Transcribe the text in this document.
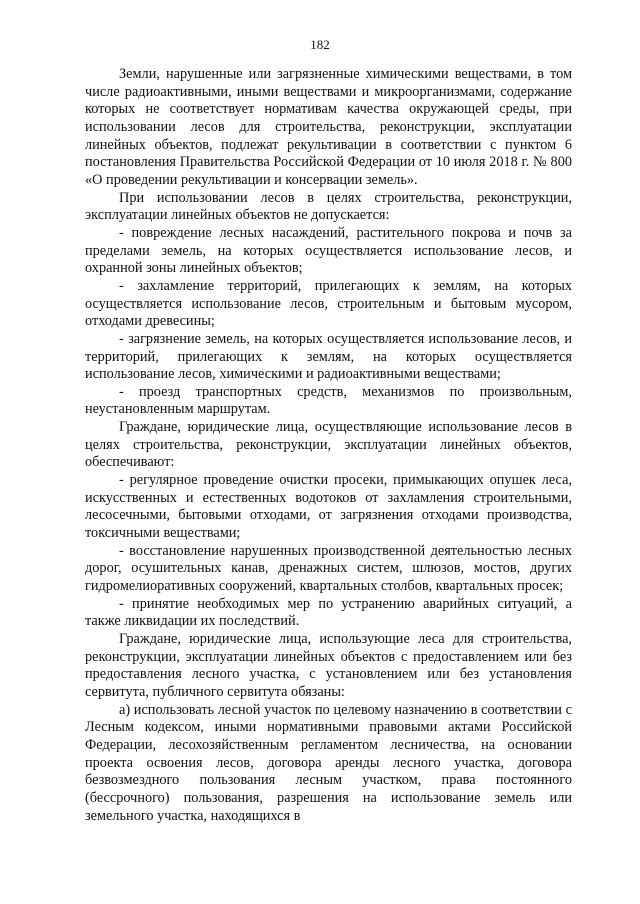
182

Земли, нарушенные или загрязненные химическими веществами, в том числе радиоактивными, иными веществами и микроорганизмами, содержание которых не соответствует нормативам качества окружающей среды, при использовании лесов для строительства, реконструкции, эксплуатации линейных объектов, подлежат рекультивации в соответствии с пунктом 6 постановления Правительства Российской Федерации от 10 июля 2018 г. № 800 «О проведении рекультивации и консервации земель».

При использовании лесов в целях строительства, реконструкции, эксплуатации линейных объектов не допускается:

- повреждение лесных насаждений, растительного покрова и почв за пределами земель, на которых осуществляется использование лесов, и охранной зоны линейных объектов;

- захламление территорий, прилегающих к землям, на которых осуществляется использование лесов, строительным и бытовым мусором, отходами древесины;

- загрязнение земель, на которых осуществляется использование лесов, и территорий, прилегающих к землям, на которых осуществляется использование лесов, химическими и радиоактивными веществами;

- проезд транспортных средств, механизмов по произвольным, неустановленным маршрутам.

Граждане, юридические лица, осуществляющие использование лесов в целях строительства, реконструкции, эксплуатации линейных объектов, обеспечивают:

- регулярное проведение очистки просеки, примыкающих опушек леса, искусственных и естественных водотоков от захламления строительными, лесосечными, бытовыми отходами, от загрязнения отходами производства, токсичными веществами;

- восстановление нарушенных производственной деятельностью лесных дорог, осушительных канав, дренажных систем, шлюзов, мостов, других гидромелиоративных сооружений, квартальных столбов, квартальных просек;

- принятие необходимых мер по устранению аварийных ситуаций, а также ликвидации их последствий.

Граждане, юридические лица, использующие леса для строительства, реконструкции, эксплуатации линейных объектов с предоставлением или без предоставления лесного участка, с установлением или без установления сервитута, публичного сервитута обязаны:

а) использовать лесной участок по целевому назначению в соответствии с Лесным кодексом, иными нормативными правовыми актами Российской Федерации, лесохозяйственным регламентом лесничества, на основании проекта освоения лесов, договора аренды лесного участка, договора безвозмездного пользования лесным участком, права постоянного (бессрочного) пользования, разрешения на использование земель или земельного участка, находящихся в
